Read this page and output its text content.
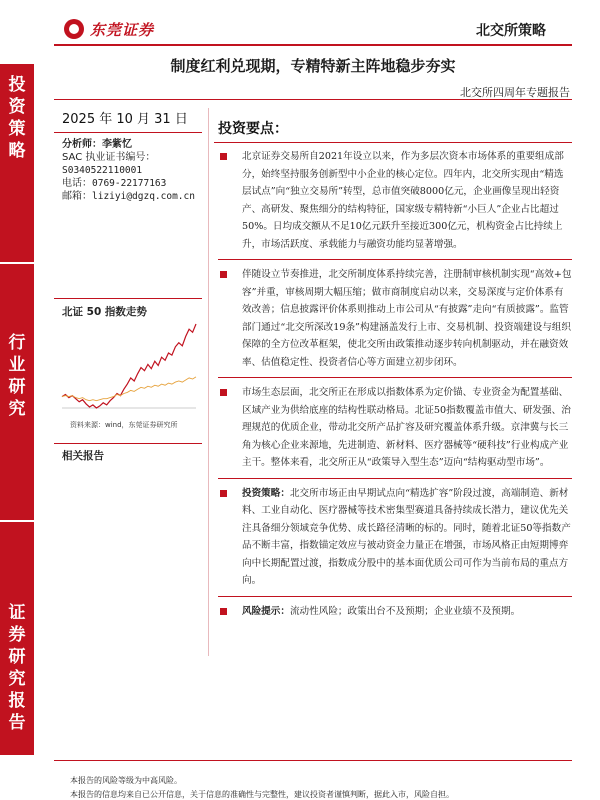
东莞证券	北交所策略
制度红利兑现期，专精特新主阵地稳步夯实
北交所四周年专题报告
投
资
策
略
行
业
研
究
证
券
研
究
报
告
2025 年 10 月 31 日
分析师：李紫忆
SAC 执业证书编号：
S0340522110001
电话：0769-22177163
邮箱：liziyi@dgzq.com.cn
北证 50 指数走势
资料来源：wind，东莞证券研究所
相关报告
投资要点：
北京证券交易所自2021年设立以来，作为多层次资本市场体系的重要组成部分，始终坚持服务创新型中小企业的核心定位。四年内，北交所实现由“精选层试点”向“独立交易所”转型，总市值突破8000亿元，企业画像呈现出轻资产、高研发、聚焦细分的结构特征，国家级专精特新“小巨人”企业占比超过50%。日均成交额从不足10亿元跃升至接近300亿元，机构资金占比持续上升，市场活跃度、承载能力与融资功能均显著增强。
伴随设立节奏推进，北交所制度体系持续完善，注册制审核机制实现“高效+包容”并重，审核周期大幅压缩；做市商制度启动以来，交易深度与定价体系有效改善；信息披露评价体系则推动上市公司从“有披露”走向“有质披露”。监管部门通过“北交所深改19条”构建涵盖发行上市、交易机制、投资端建设与组织保障的全方位改革框架，使北交所由政策推动逐步转向机制驱动，并在融资效率、估值稳定性、投资者信心等方面建立初步闭环。
市场生态层面，北交所正在形成以指数体系为定价锚、专业资金为配置基础、区域产业为供给底座的结构性联动格局。北证50指数覆盖市值大、研发强、治理规范的优质企业，带动北交所产品扩容及研究覆盖体系升级。京津冀与长三角为核心企业来源地，先进制造、新材料、医疗器械等“硬科技”行业构成产业主干。整体来看，北交所正从“政策导入型生态”迈向“结构驱动型市场”。
投资策略：北交所市场正由早期试点向“精选扩容”阶段过渡，高端制造、新材料、工业自动化、医疗器械等技术密集型赛道具备持续成长潜力，建议优先关注具备细分领域竞争优势、成长路径清晰的标的。同时，随着北证50等指数产品不断丰富，指数锚定效应与被动资金力量正在增强，市场风格正由短期博弈向中长期配置过渡，指数成分股中的基本面优质公司可作为当前布局的重点方向。
风险提示：流动性风险；政策出台不及预期；企业业绩不及预期。
本报告的风险等级为中高风险。
本报告的信息均来自已公开信息，关于信息的准确性与完整性，建议投资者谨慎判断，据此入市，风险自担。
